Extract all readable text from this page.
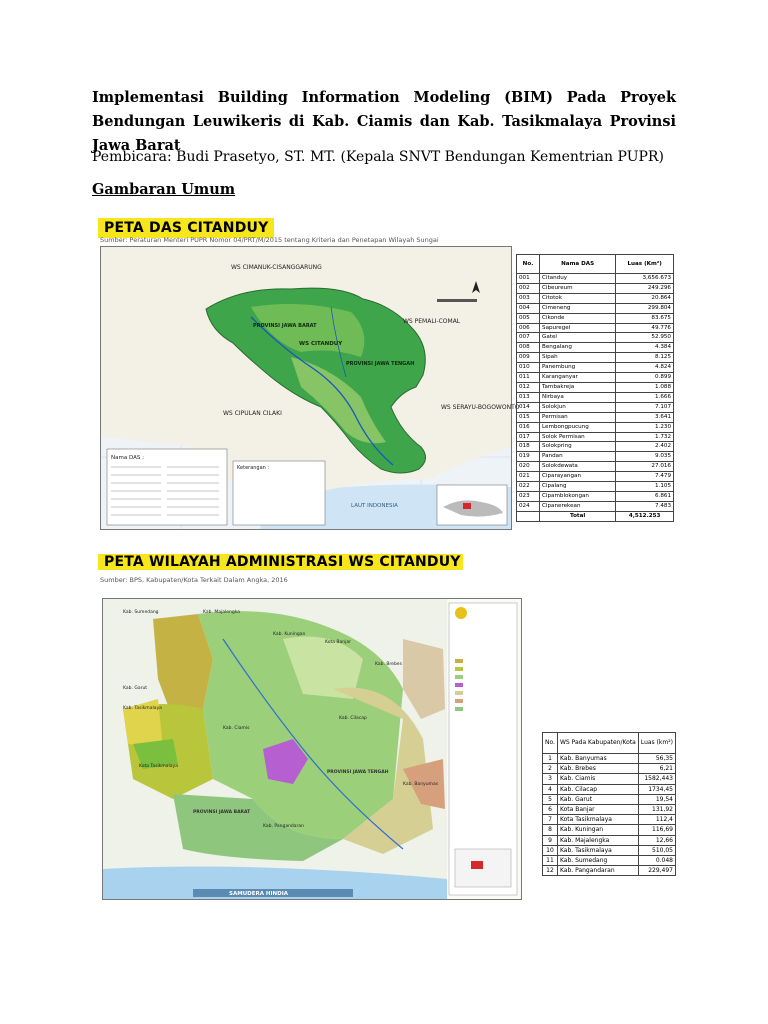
Implementasi Building Information Modeling (BIM) Pada Proyek Bendungan Leuwikeris di Kab. Ciamis dan Kab. Tasikmalaya Provinsi Jawa Barat
Pembicara: Budi Prasetyo, ST. MT. (Kepala SNVT Bendungan Kementrian PUPR)
Gambaran Umum
PETA DAS CITANDUY
Sumber: Peraturan Menteri PUPR Nomor 04/PRT/M/2015 tentang Kriteria dan Penetapan Wilayah Sungai
WS CIMANUK-CISANGGARUNG
WS PEMALI-COMAL
WS CIPULAN CILAKI
WS SERAYU-BOGOWONTO
PROVINSI JAWA BARAT
PROVINSI JAWA TENGAH
WS CITANDUY
LAUT INDONESIA
Nama DAS :
Keterangan :
No.	Nama DAS	Luas (Km²)
001	Citanduy	3,656.673
002	Cibeureum	249.296
003	Citotok	20.864
004	Cimeneng	299.804
005	Cikonde	83.675
006	Sapuregel	49.776
007	Gatel	52.950
008	Bengalang	4.384
009	Sipah	8.125
010	Panembung	4.824
011	Karanganyar	0.899
012	Tambakreja	1.088
013	Nirbaya	1.666
014	Solokjun	7.107
015	Permisan	3.641
016	Lembongpucung	1.230
017	Solok Permisan	1.732
018	Solokpring	2.402
019	Pandan	9.035
020	Solokdewata	27.016
021	Ciparayangan	7.479
022	Cipalang	1.105
023	Cipamblokongan	6.861
024	Cipanerekean	7.483
	Total	4,512.253
PETA WILAYAH ADMINISTRASI WS CITANDUY
Sumber: BPS, Kabupaten/Kota Terkait Dalam Angka, 2016
Kab. Sumedang	Kab. Majalengka
Kab. Kuningan
Kota Banjar
Kab. Brebes
Kab. Garut
Kab. Tasikmalaya
Kota Tasikmalaya
Kab. Ciamis
Kab. Cilacap
Kab. Banyumas
Kab. Pangandaran
PROVINSI JAWA BARAT
PROVINSI JAWA TENGAH
SAMUDERA HINDIA
No.	WS Pada Kabupaten/Kota	Luas (km²)
1	Kab. Banyumas	56,35
2	Kab. Brebes	6,21
3	Kab. Ciamis	1582,443
4	Kab. Cilacap	1734,45
5	Kab. Garut	19,54
6	Kota Banjar	131,92
7	Kota Tasikmalaya	112,4
8	Kab. Kuningan	116,69
9	Kab. Majalengka	12,66
10	Kab. Tasikmalaya	510,05
11	Kab. Sumedang	0.048
12	Kab. Pangandaran	229,497
